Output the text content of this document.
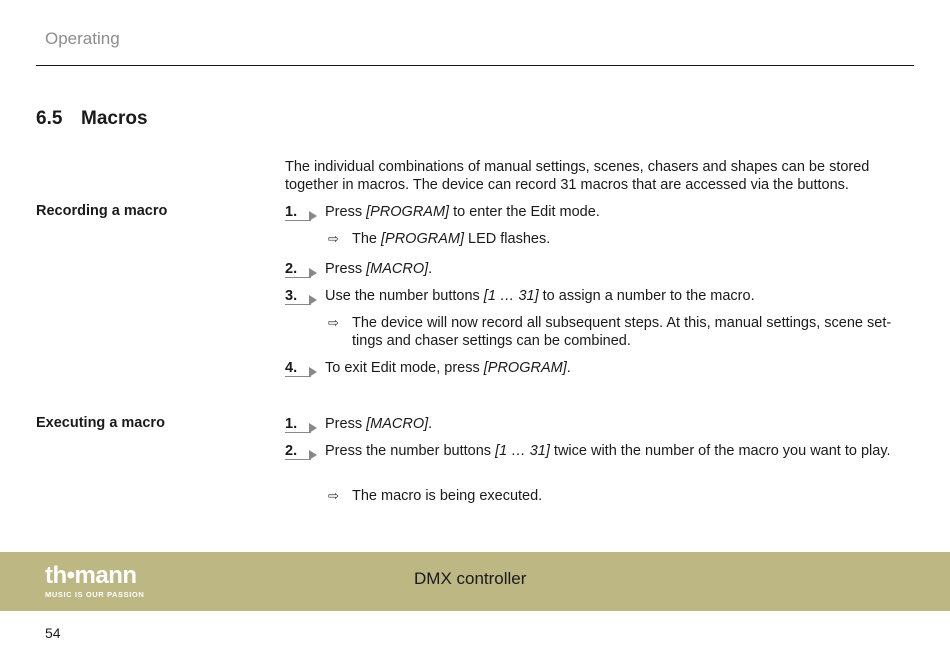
Operating
6.5 Macros
The individual combinations of manual settings, scenes, chasers and shapes can be stored together in macros. The device can record 31 macros that are accessed via the buttons.
Recording a macro	1.	Press [PROGRAM] to enter the Edit mode.
⇨ The [PROGRAM] LED flashes.
2.	Press [MACRO].
3.	Use the number buttons [1 … 31] to assign a number to the macro.
⇨ The device will now record all subsequent steps. At this, manual settings, scene set-
tings and chaser settings can be combined.
4.	To exit Edit mode, press [PROGRAM].
Executing a macro	1.	Press [MACRO].
2.	Press the number buttons [1 … 31] twice with the number of the macro you want to play.
⇨ The macro is being executed.
th•mann
MUSIC IS OUR PASSION
DMX controller
54
